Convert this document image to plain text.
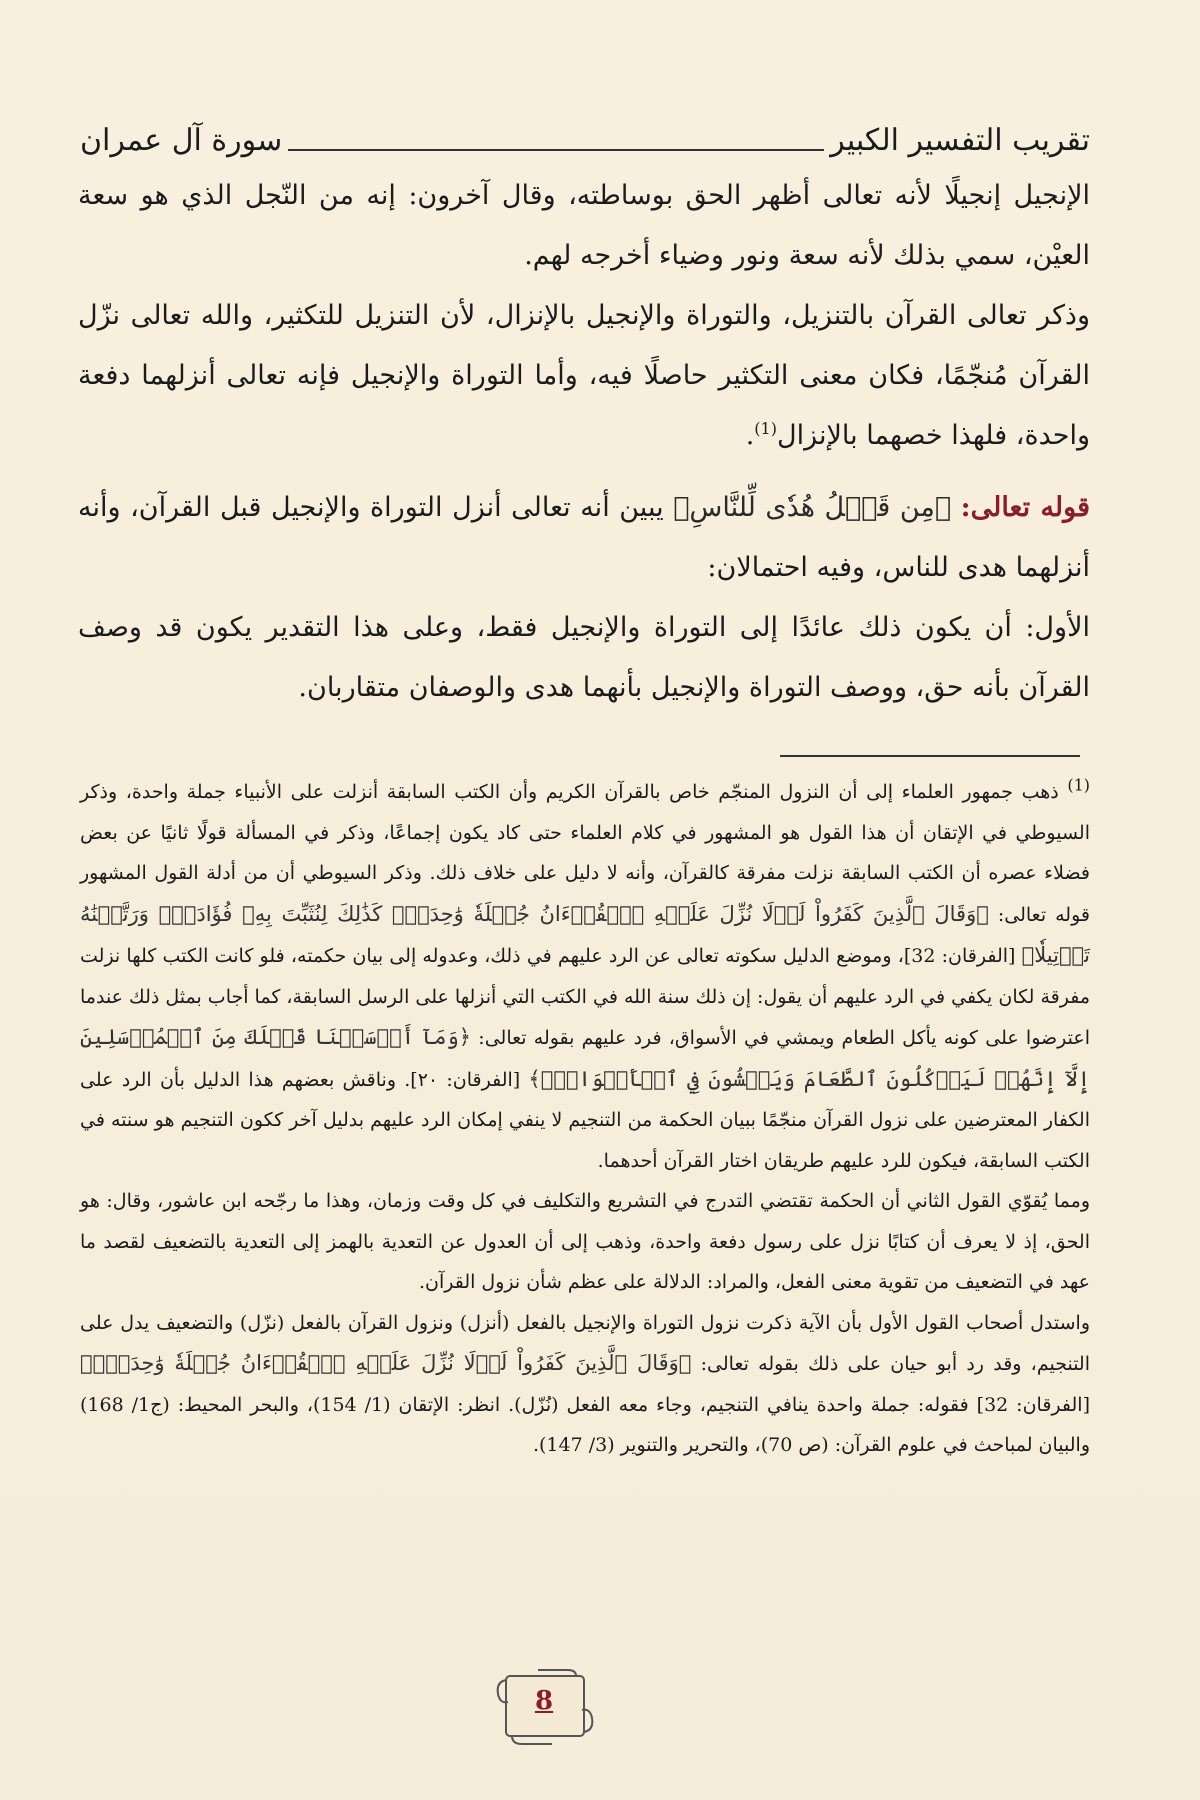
تقريب التفسير الكبير
سورة آل عمران

الإنجيل إنجيلًا لأنه تعالى أظهر الحق بوساطته، وقال آخرون: إنه من النّجل الذي هو سعة العيْن، سمي بذلك لأنه سعة ونور وضياء أخرجه لهم.

وذكر تعالى القرآن بالتنزيل، والتوراة والإنجيل بالإنزال، لأن التنزيل للتكثير، والله تعالى نزّل القرآن مُنجّمًا، فكان معنى التكثير حاصلًا فيه، وأما التوراة والإنجيل فإنه تعالى أنزلهما دفعة واحدة، فلهذا خصهما بالإنزال$^{(1)}$.

قوله تعالى: ﴿مِن قَبۡلُ هُدٗى لِّلنَّاسِ﴾ يبين أنه تعالى أنزل التوراة والإنجيل قبل القرآن، وأنه أنزلهما هدى للناس، وفيه احتمالان:

الأول: أن يكون ذلك عائدًا إلى التوراة والإنجيل فقط، وعلى هذا التقدير يكون قد وصف القرآن بأنه حق، ووصف التوراة والإنجيل بأنهما هدى والوصفان متقاربان.

$^{(1)}$ ذهب جمهور العلماء إلى أن النزول المنجّم خاص بالقرآن الكريم وأن الكتب السابقة أنزلت على الأنبياء جملة واحدة، وذكر السيوطي في الإتقان أن هذا القول هو المشهور في كلام العلماء حتى كاد يكون إجماعًا، وذكر في المسألة قولًا ثانيًا عن بعض فضلاء عصره أن الكتب السابقة نزلت مفرقة كالقرآن، وأنه لا دليل على خلاف ذلك. وذكر السيوطي أن من أدلة القول المشهور قوله تعالى: ﴿وَقَالَ ٱلَّذِينَ كَفَرُواْ لَوۡلَا نُزِّلَ عَلَيۡهِ ٱلۡقُرۡءَانُ جُمۡلَةٗ وَٰحِدَةٗۚ كَذَٰلِكَ لِنُثَبِّتَ بِهِۦ فُؤَادَكَۖ وَرَتَّلۡنَٰهُ تَرۡتِيلٗا﴾ [الفرقان: 32]، وموضع الدليل سكوته تعالى عن الرد عليهم في ذلك، وعدوله إلى بيان حكمته، فلو كانت الكتب كلها نزلت مفرقة لكان يكفي في الرد عليهم أن يقول: إن ذلك سنة الله في الكتب التي أنزلها على الرسل السابقة، كما أجاب بمثل ذلك عندما اعترضوا على كونه يأكل الطعام ويمشي في الأسواق، فرد عليهم بقوله تعالى: ﴿وَمَآ أَرۡسَلۡنَا قَبۡلَكَ مِنَ ٱلۡمُرۡسَلِينَ إِلَّآ إِنَّهُمۡ لَيَأۡكُلُونَ ٱلطَّعَامَ وَيَمۡشُونَ فِي ٱلۡأَسۡوَاقِۗ﴾ [الفرقان: ٢٠]. وناقش بعضهم هذا الدليل بأن الرد على الكفار المعترضين على نزول القرآن منجّمًا ببيان الحكمة من التنجيم لا ينفي إمكان الرد عليهم بدليل آخر ككون التنجيم هو سنته في الكتب السابقة، فيكون للرد عليهم طريقان اختار القرآن أحدهما.

ومما يُقوّي القول الثاني أن الحكمة تقتضي التدرج في التشريع والتكليف في كل وقت وزمان، وهذا ما رجّحه ابن عاشور، وقال: هو الحق، إذ لا يعرف أن كتابًا نزل على رسول دفعة واحدة، وذهب إلى أن العدول عن التعدية بالهمز إلى التعدية بالتضعيف لقصد ما عهد في التضعيف من تقوية معنى الفعل، والمراد: الدلالة على عظم شأن نزول القرآن.

واستدل أصحاب القول الأول بأن الآية ذكرت نزول التوراة والإنجيل بالفعل (أنزل) ونزول القرآن بالفعل (نزّل) والتضعيف يدل على التنجيم، وقد رد أبو حيان على ذلك بقوله تعالى: ﴿وَقَالَ ٱلَّذِينَ كَفَرُواْ لَوۡلَا نُزِّلَ عَلَيۡهِ ٱلۡقُرۡءَانُ جُمۡلَةٗ وَٰحِدَةٗۚ﴾ [الفرقان: 32] فقوله: جملة واحدة ينافي التنجيم، وجاء معه الفعل (نُزّل). انظر: الإتقان (1/ 154)، والبحر المحيط: (ج1/ 168) والبيان لمباحث في علوم القرآن: (ص 70)، والتحرير والتنوير (3/ 147).

8
